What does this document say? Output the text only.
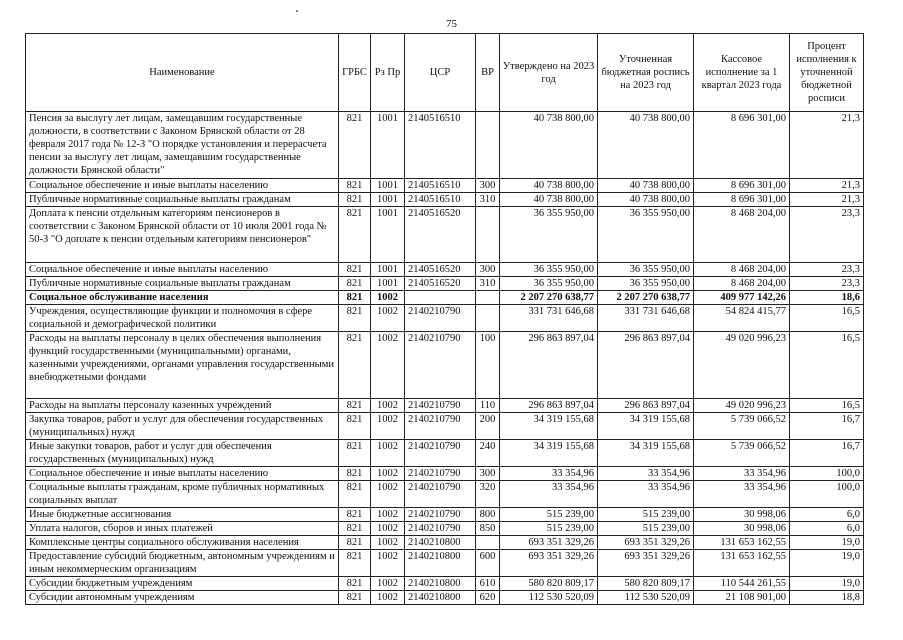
75
Наименование	ГРБС	Рз Пр	ЦСР	ВР	Утверждено на 2023 год	Уточненная бюджетная роспись на 2023 год	Кассовое исполнение за 1 квартал 2023 года	Процент исполнения к уточненной бюджетной росписи
Пенсия за выслугу лет лицам, замещавшим государственные должности, в соответствии с Законом Брянской области от 28 февраля 2017 года № 12-З "О порядке установления и перерасчета пенсии за выслугу лет лицам, замещавшим государственные должности Брянской области"	821	1001	2140516510		40 738 800,00	40 738 800,00	8 696 301,00	21,3
Социальное обеспечение и иные выплаты населению	821	1001	2140516510	300	40 738 800,00	40 738 800,00	8 696 301,00	21,3
Публичные нормативные социальные выплаты гражданам	821	1001	2140516510	310	40 738 800,00	40 738 800,00	8 696 301,00	21,3
Доплата к пенсии отдельным категориям пенсионеров в соответствии с Законом Брянской области от 10 июля 2001 года № 50-З "О доплате к пенсии отдельным категориям пенсионеров"	821	1001	2140516520		36 355 950,00	36 355 950,00	8 468 204,00	23,3
Социальное обеспечение и иные выплаты населению	821	1001	2140516520	300	36 355 950,00	36 355 950,00	8 468 204,00	23,3
Публичные нормативные социальные выплаты гражданам	821	1001	2140516520	310	36 355 950,00	36 355 950,00	8 468 204,00	23,3
Социальное обслуживание населения	821	1002			2 207 270 638,77	2 207 270 638,77	409 977 142,26	18,6
Учреждения, осуществляющие функции и полномочия в сфере социальной и демографической политики	821	1002	2140210790		331 731 646,68	331 731 646,68	54 824 415,77	16,5
Расходы на выплаты персоналу в целях обеспечения выполнения функций государственными (муниципальными) органами, казенными учреждениями, органами управления государственными внебюджетными фондами	821	1002	2140210790	100	296 863 897,04	296 863 897,04	49 020 996,23	16,5
Расходы на выплаты персоналу казенных учреждений	821	1002	2140210790	110	296 863 897,04	296 863 897,04	49 020 996,23	16,5
Закупка товаров, работ и услуг для обеспечения государственных (муниципальных) нужд	821	1002	2140210790	200	34 319 155,68	34 319 155,68	5 739 066,52	16,7
Иные закупки товаров, работ и услуг для обеспечения государственных (муниципальных) нужд	821	1002	2140210790	240	34 319 155,68	34 319 155,68	5 739 066,52	16,7
Социальное обеспечение и иные выплаты населению	821	1002	2140210790	300	33 354,96	33 354,96	33 354,96	100,0
Социальные выплаты гражданам, кроме публичных нормативных социальных выплат	821	1002	2140210790	320	33 354,96	33 354,96	33 354,96	100,0
Иные бюджетные ассигнования	821	1002	2140210790	800	515 239,00	515 239,00	30 998,06	6,0
Уплата налогов, сборов и иных платежей	821	1002	2140210790	850	515 239,00	515 239,00	30 998,06	6,0
Комплексные центры социального обслуживания населения	821	1002	2140210800		693 351 329,26	693 351 329,26	131 653 162,55	19,0
Предоставление субсидий бюджетным, автономным учреждениям и иным некоммерческим организациям	821	1002	2140210800	600	693 351 329,26	693 351 329,26	131 653 162,55	19,0
Субсидии бюджетным учреждениям	821	1002	2140210800	610	580 820 809,17	580 820 809,17	110 544 261,55	19,0
Субсидии автономным учреждениям	821	1002	2140210800	620	112 530 520,09	112 530 520,09	21 108 901,00	18,8
